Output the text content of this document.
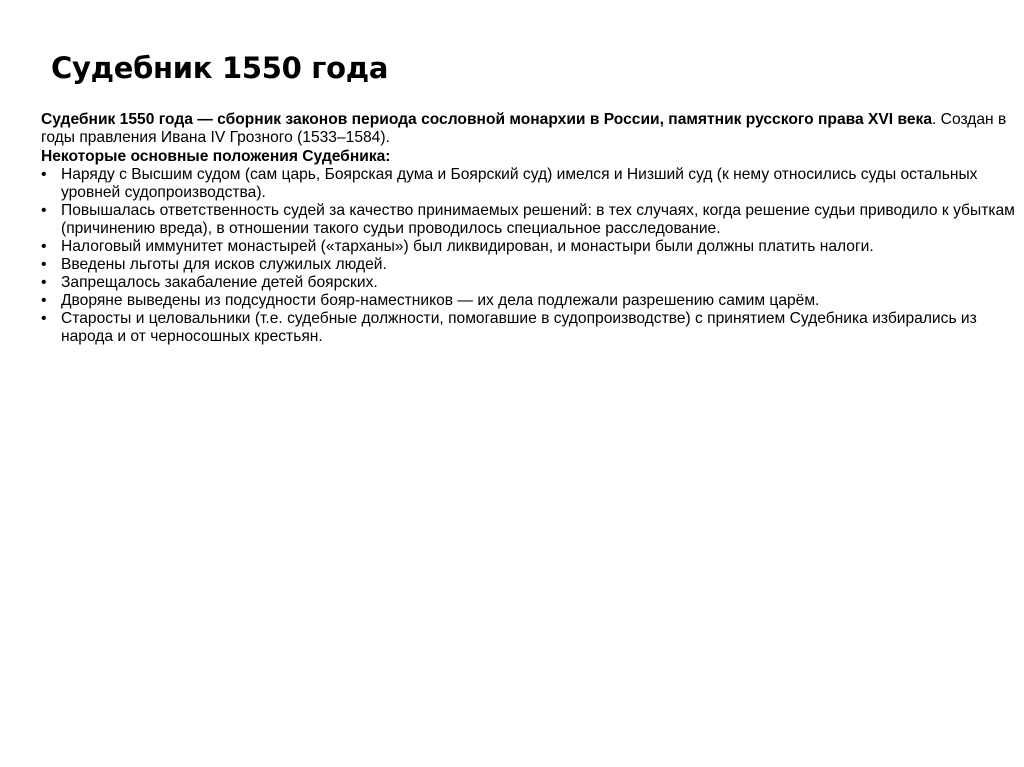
Судебник 1550 года

Судебник 1550 года — сборник законов периода сословной монархии в России, памятник русского права XVI века. Создан в годы правления Ивана IV Грозного (1533–1584).

Некоторые основные положения Судебника:

• Наряду с Высшим судом (сам царь, Боярская дума и Боярский суд) имелся и Низший суд (к нему относились суды остальных уровней судопроизводства).
• Повышалась ответственность судей за качество принимаемых решений: в тех случаях, когда решение судьи приводило к убыткам (причинению вреда), в отношении такого судьи проводилось специальное расследование.
• Налоговый иммунитет монастырей («тарханы») был ликвидирован, и монастыри были должны платить налоги.
• Введены льготы для исков служилых людей.
• Запрещалось закабаление детей боярских.
• Дворяне выведены из подсудности бояр-наместников — их дела подлежали разрешению самим царём.
• Старосты и целовальники (т.е. судебные должности, помогавшие в судопроизводстве) с принятием Судебника избирались из народа и от черносошных крестьян.
